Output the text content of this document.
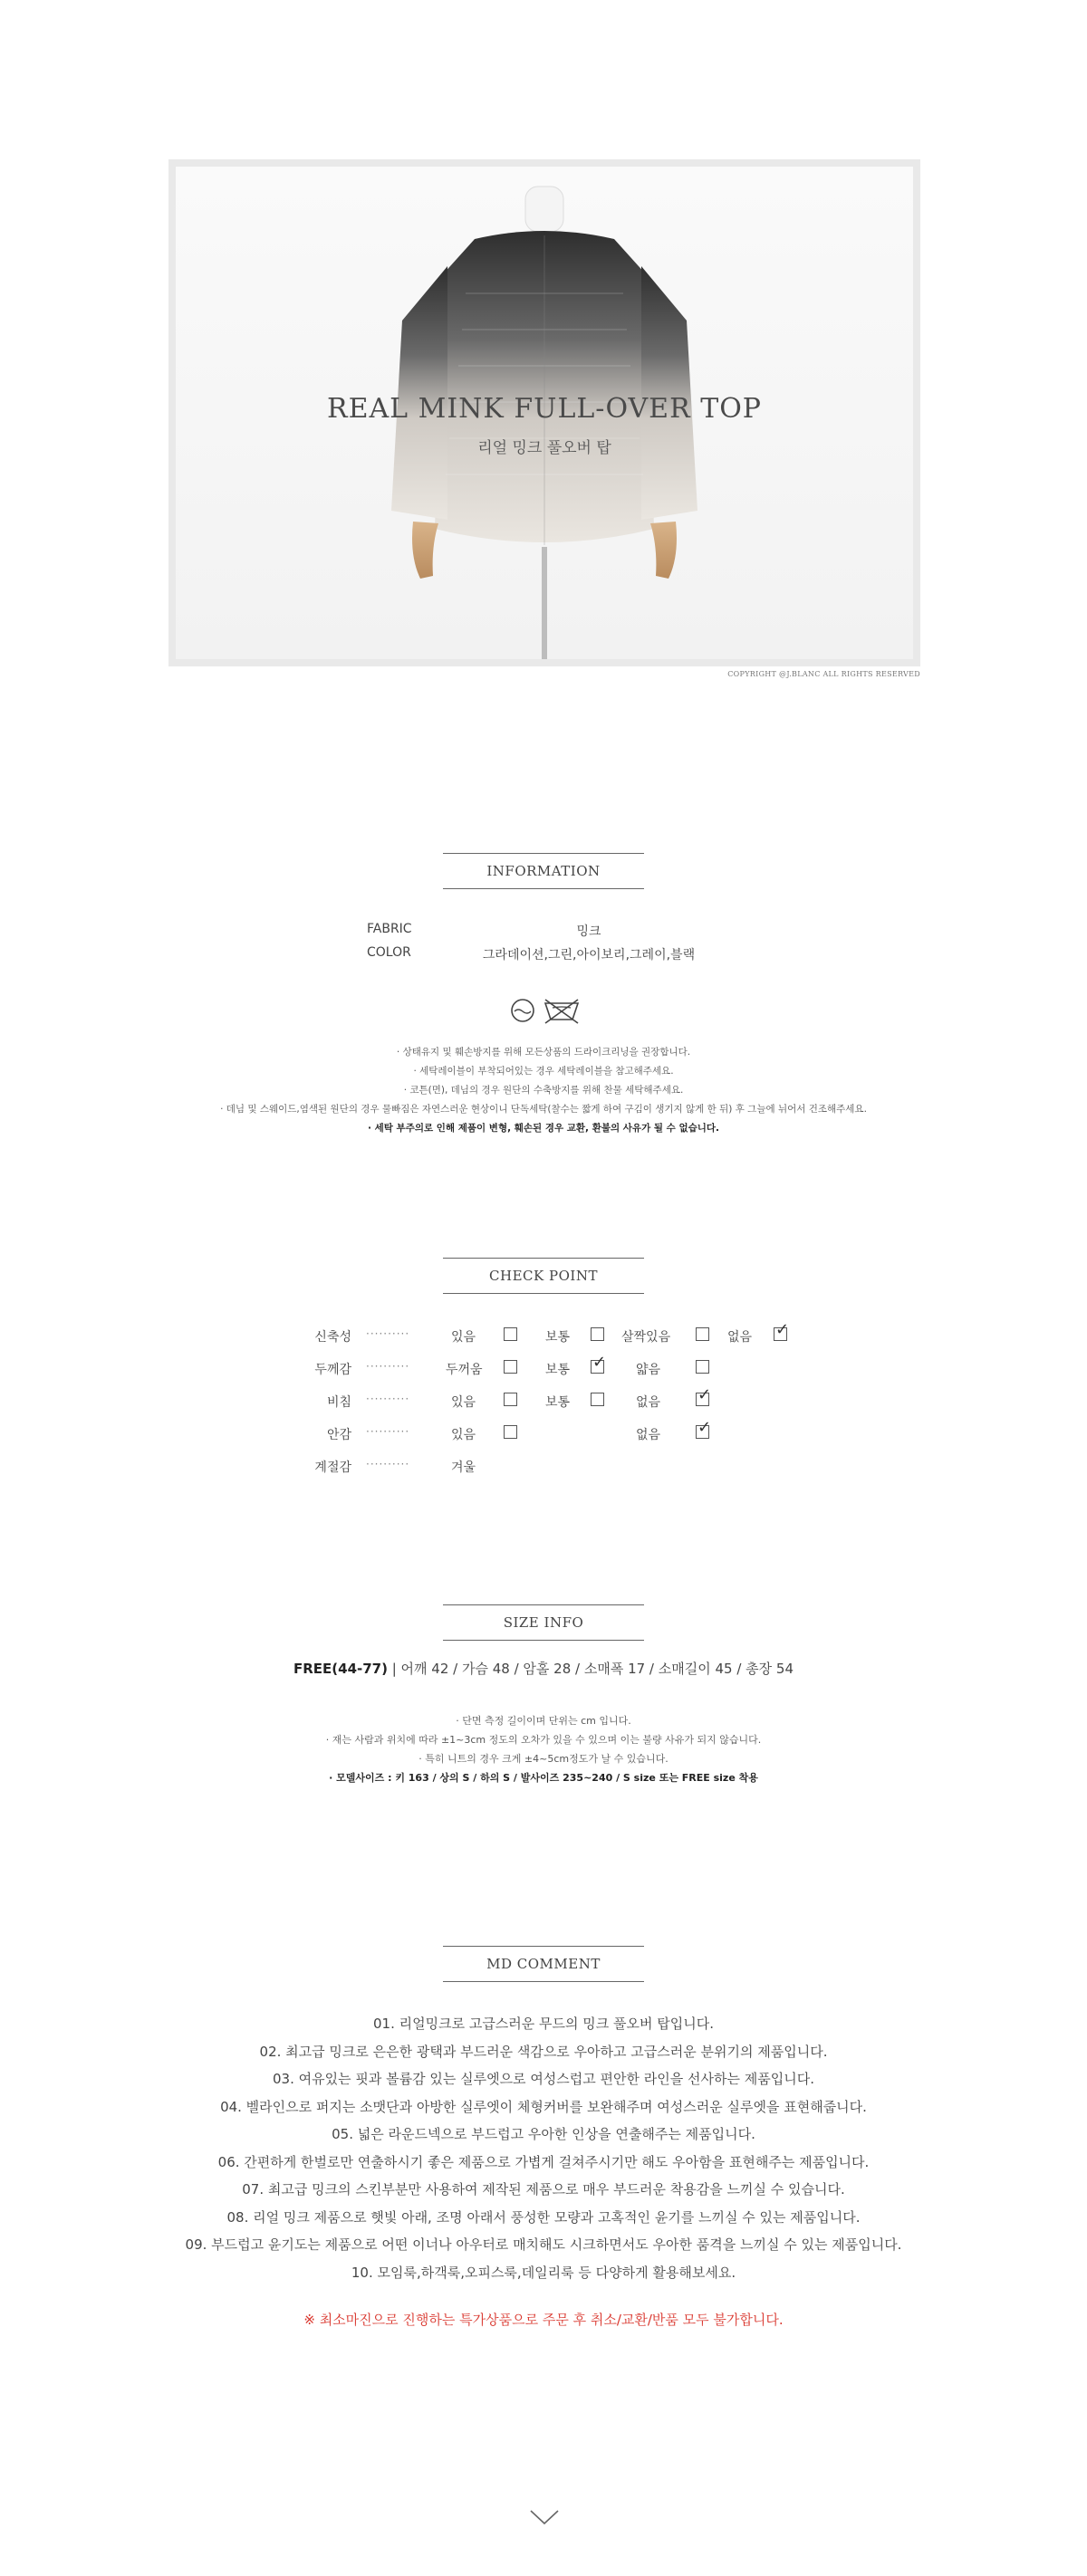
REAL MINK FULL-OVER TOP
리얼 밍크 풀오버 탑
COPYRIGHT @J.BLANC ALL RIGHTS RESERVED
INFORMATION
FABRIC	밍크
COLOR	그라데이션,그린,아이보리,그레이,블랙
· 상태유지 및 훼손방지를 위해 모든상품의 드라이크리닝을 권장합니다.
· 세탁레이블이 부착되어있는 경우 세탁레이블을 참고해주세요.
· 코튼(면), 데님의 경우 원단의 수축방지를 위해 찬물 세탁해주세요.
· 데님 및 스웨이드,염색된 원단의 경우 물빠짐은 자연스러운 현상이니 단독세탁(찰수는 짧게 하여 구김이 생기지 않게 한 뒤) 후 그늘에 뉘어서 건조해주세요.
· 세탁 부주의로 인해 제품이 변형, 훼손된 경우 교환, 환불의 사유가 될 수 없습니다.
CHECK POINT
신축성 ··········	있음	보통	살짝있음	없음
✓
두께감 ··········	두꺼움	보통
✓	얇음
비침 ··········	있음	보통	없음
✓
안감 ··········	있음	없음
✓
계절감 ··········	겨울
SIZE INFO
FREE(44-77) | 어깨 42 / 가슴 48 / 암홀 28 / 소매폭 17 / 소매길이 45 / 총장 54
· 단면 측정 길이이며 단위는 cm 입니다.
· 재는 사람과 위치에 따라 ±1~3cm 정도의 오차가 있을 수 있으며 이는 불량 사유가 되지 않습니다.
· 특히 니트의 경우 크게 ±4~5cm정도가 날 수 있습니다.
· 모델사이즈 : 키 163 / 상의 S / 하의 S / 발사이즈 235~240 / S size 또는 FREE size 착용
MD COMMENT
01. 리얼밍크로 고급스러운 무드의 밍크 풀오버 탑입니다.
02. 최고급 밍크로 은은한 광택과 부드러운 색감으로 우아하고 고급스러운 분위기의 제품입니다.
03. 여유있는 핏과 볼륨감 있는 실루엣으로 여성스럽고 편안한 라인을 선사하는 제품입니다.
04. 벨라인으로 퍼지는 소맷단과 아방한 실루엣이 체형커버를 보완해주며 여성스러운 실루엣을 표현해줍니다.
05. 넓은 라운드넥으로 부드럽고 우아한 인상을 연출해주는 제품입니다.
06. 간편하게 한벌로만 연출하시기 좋은 제품으로 가볍게 걸쳐주시기만 해도 우아함을 표현해주는 제품입니다.
07. 최고급 밍크의 스킨부분만 사용하여 제작된 제품으로 매우 부드러운 착용감을 느끼실 수 있습니다.
08. 리얼 밍크 제품으로 햇빛 아래, 조명 아래서 풍성한 모량과 고혹적인 윤기를 느끼실 수 있는 제품입니다.
09. 부드럽고 윤기도는 제품으로 어떤 이너나 아우터로 매치해도 시크하면서도 우아한 품격을 느끼실 수 있는 제품입니다.
10. 모임룩,하객룩,오피스룩,데일리룩 등 다양하게 활용해보세요.
※ 최소마진으로 진행하는 특가상품으로 주문 후 취소/교환/반품 모두 불가합니다.
